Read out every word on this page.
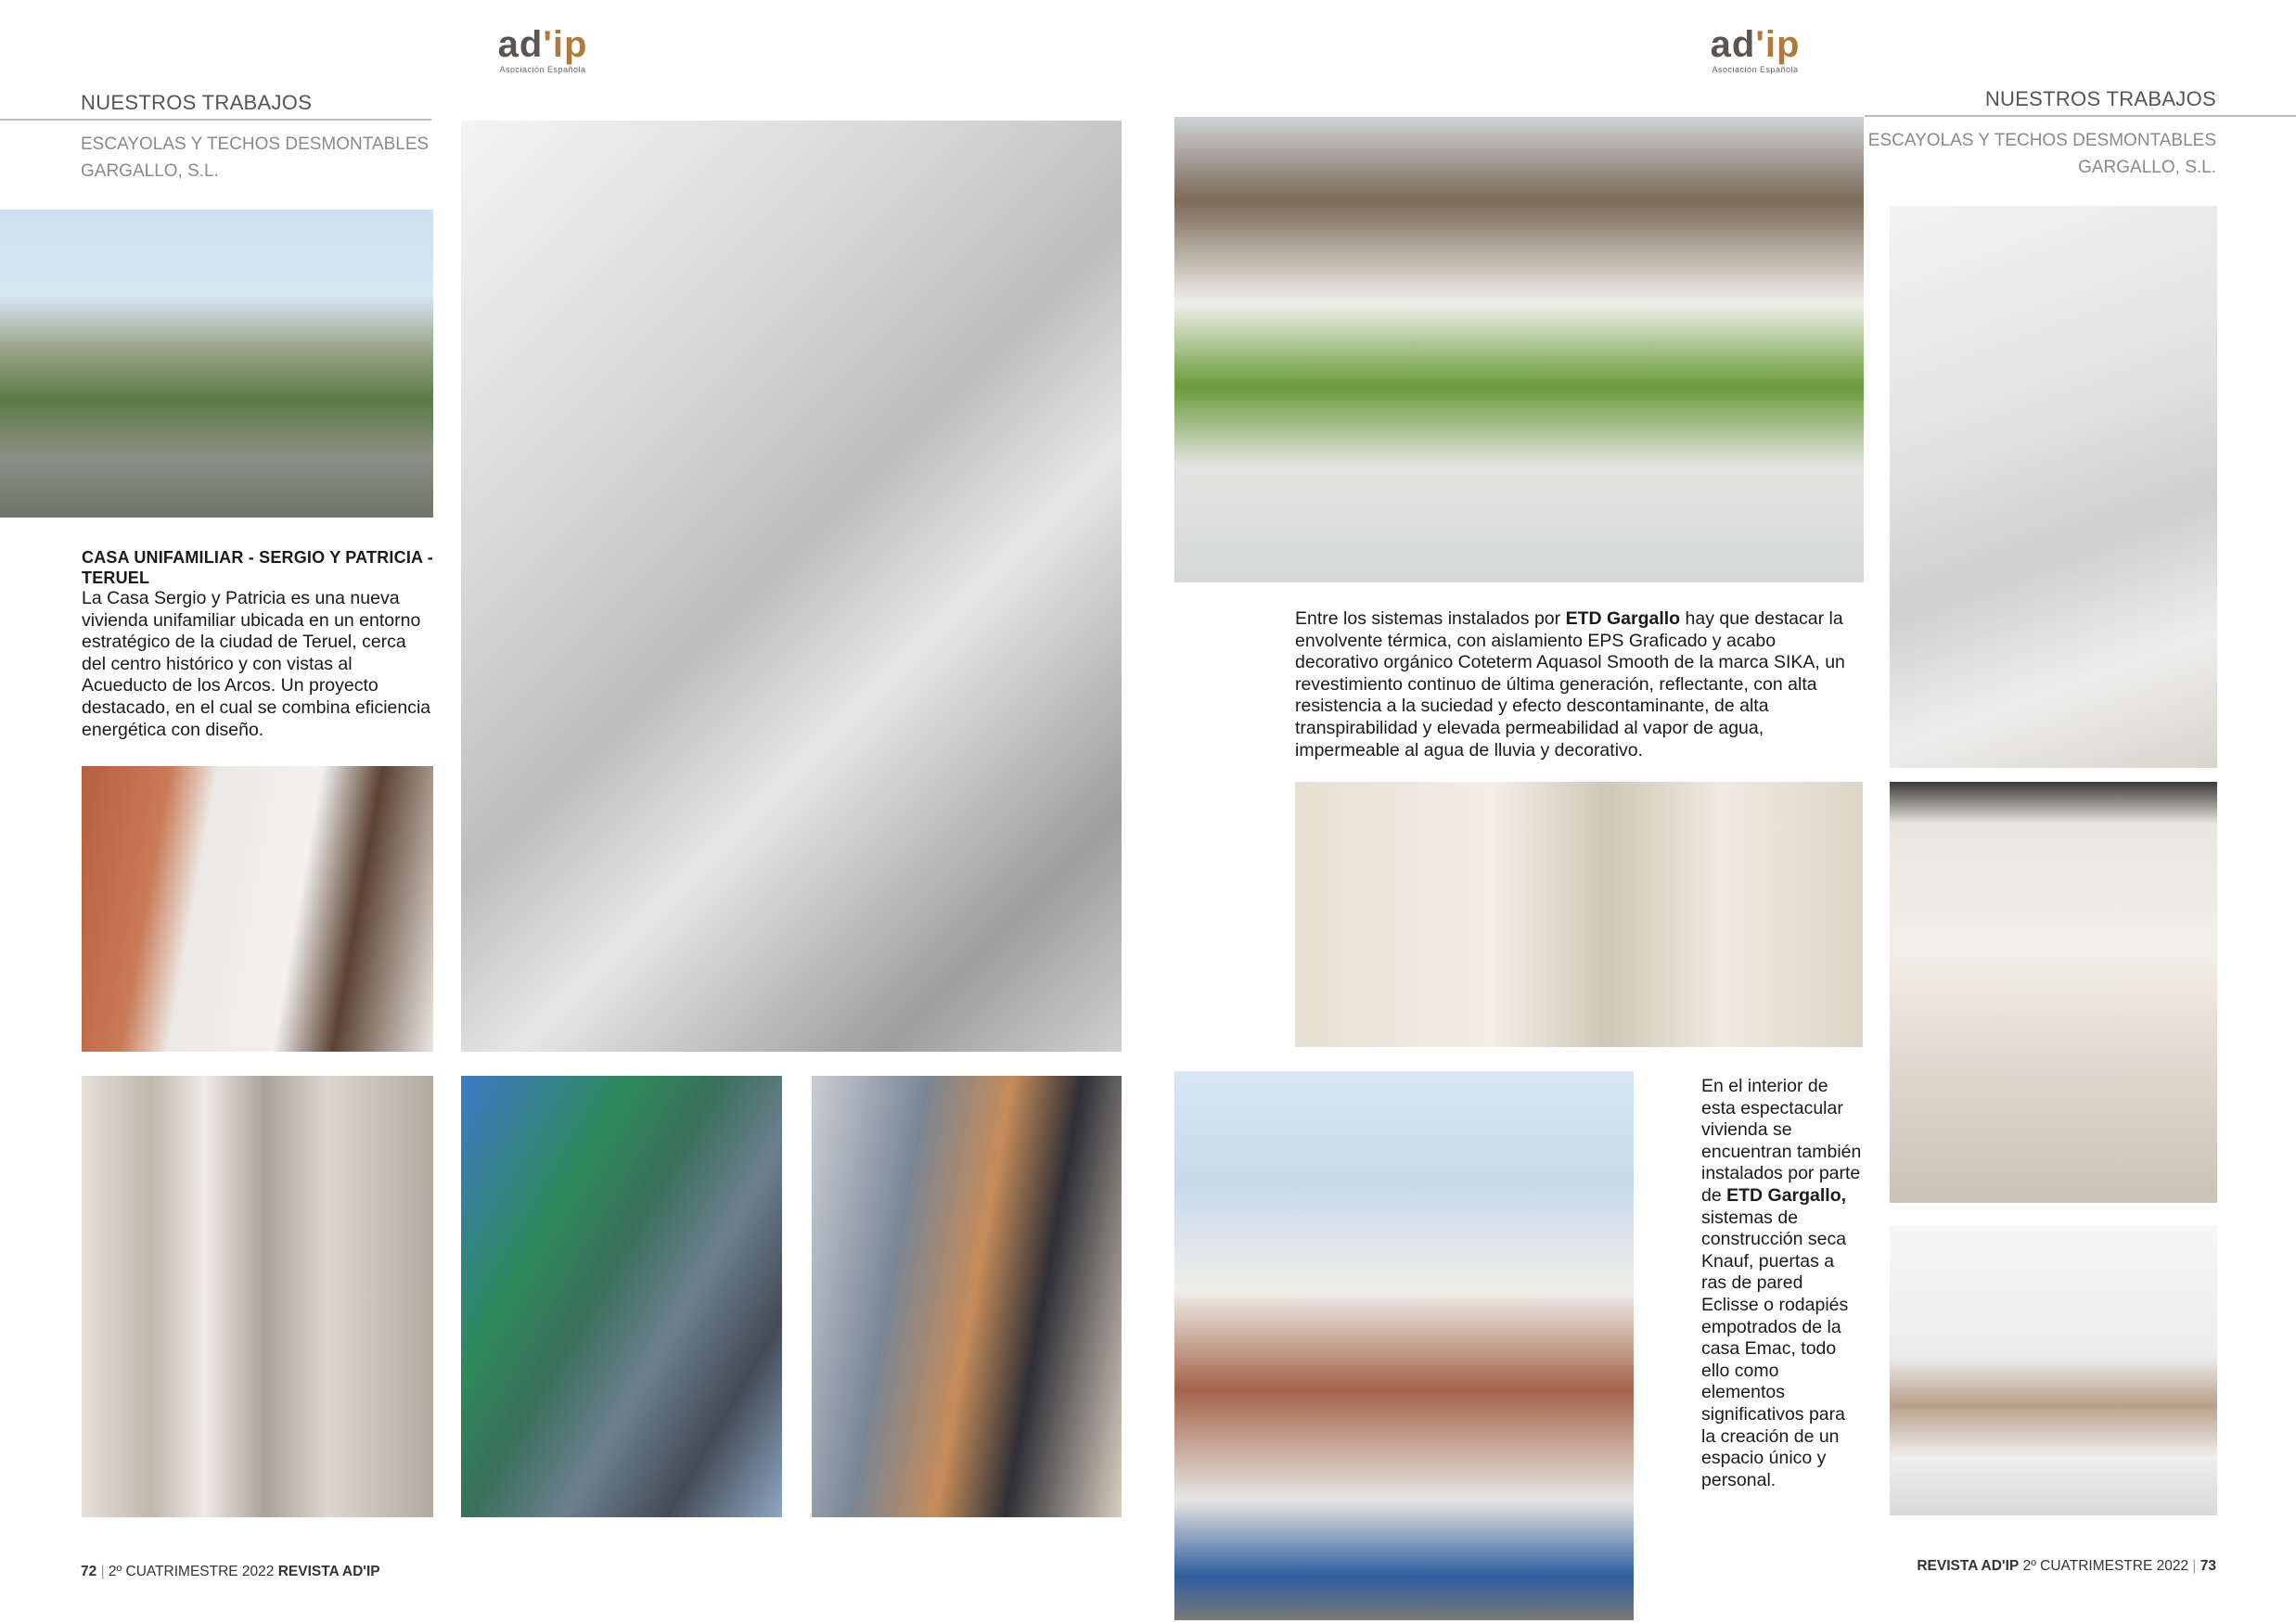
ad'ip
Asociación Española
NUESTROS TRABAJOS
ESCAYOLAS Y TECHOS DESMONTABLES
GARGALLO, S.L.
CASA UNIFAMILIAR - SERGIO Y PATRICIA - TERUEL
La Casa Sergio y Patricia es una nueva vivienda unifamiliar ubicada en un entorno estratégico de la ciudad de Teruel, cerca del centro histórico y con vistas al Acueducto de los Arcos. Un proyecto destacado, en el cual se combina eficiencia energética con diseño.
72 | 2º CUATRIMESTRE 2022 REVISTA AD'IP
ad'ip
Asociación Española
NUESTROS TRABAJOS
ESCAYOLAS Y TECHOS DESMONTABLES
GARGALLO, S.L.
Entre los sistemas instalados por ETD Gargallo hay que destacar la envolvente térmica, con aislamiento EPS Graficado y acabo decorativo orgánico Coteterm Aquasol Smooth de la marca SIKA, un revestimiento continuo de última generación, reflectante, con alta resistencia a la suciedad y efecto descontaminante, de alta transpirabilidad y elevada permeabilidad al vapor de agua, impermeable al agua de lluvia y decorativo.
En el interior de esta espectacular vivienda se encuentran también instalados por parte de ETD Gargallo, sistemas de construcción seca Knauf, puertas a ras de pared Eclisse o rodapiés empotrados de la casa Emac, todo ello como elementos significativos para la creación de un espacio único y personal.
REVISTA AD'IP 2º CUATRIMESTRE 2022 | 73
